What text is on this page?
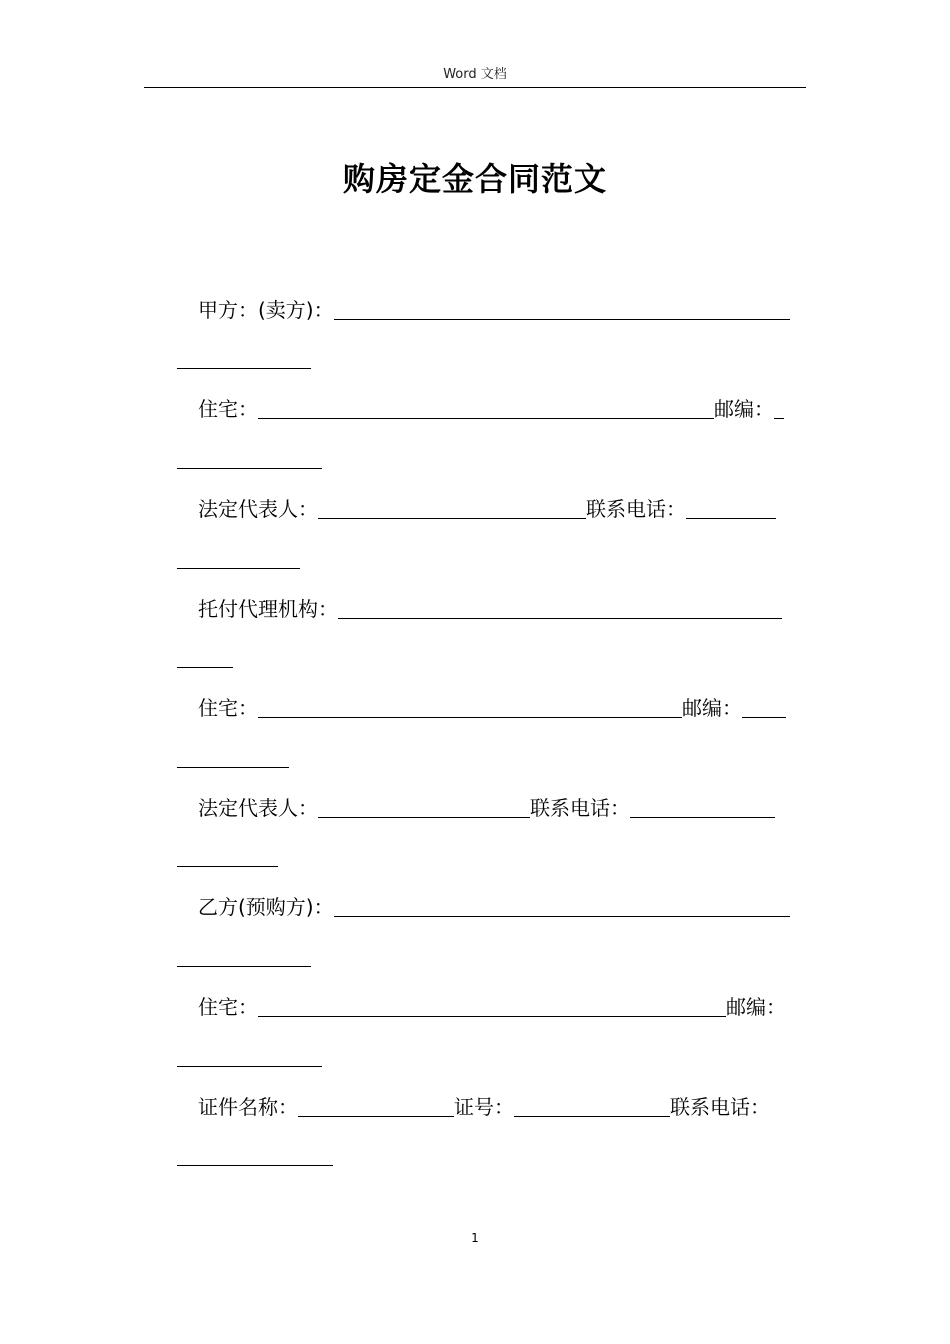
Word 文档
购房定金合同范文
甲方：(卖方)：
住宅：	邮编：
法定代表人：	联系电话：
托付代理机构：
住宅：	邮编：
法定代表人：	联系电话：
乙方(预购方)：
住宅：	邮编：
证件名称：	证号：	联系电话：
1
